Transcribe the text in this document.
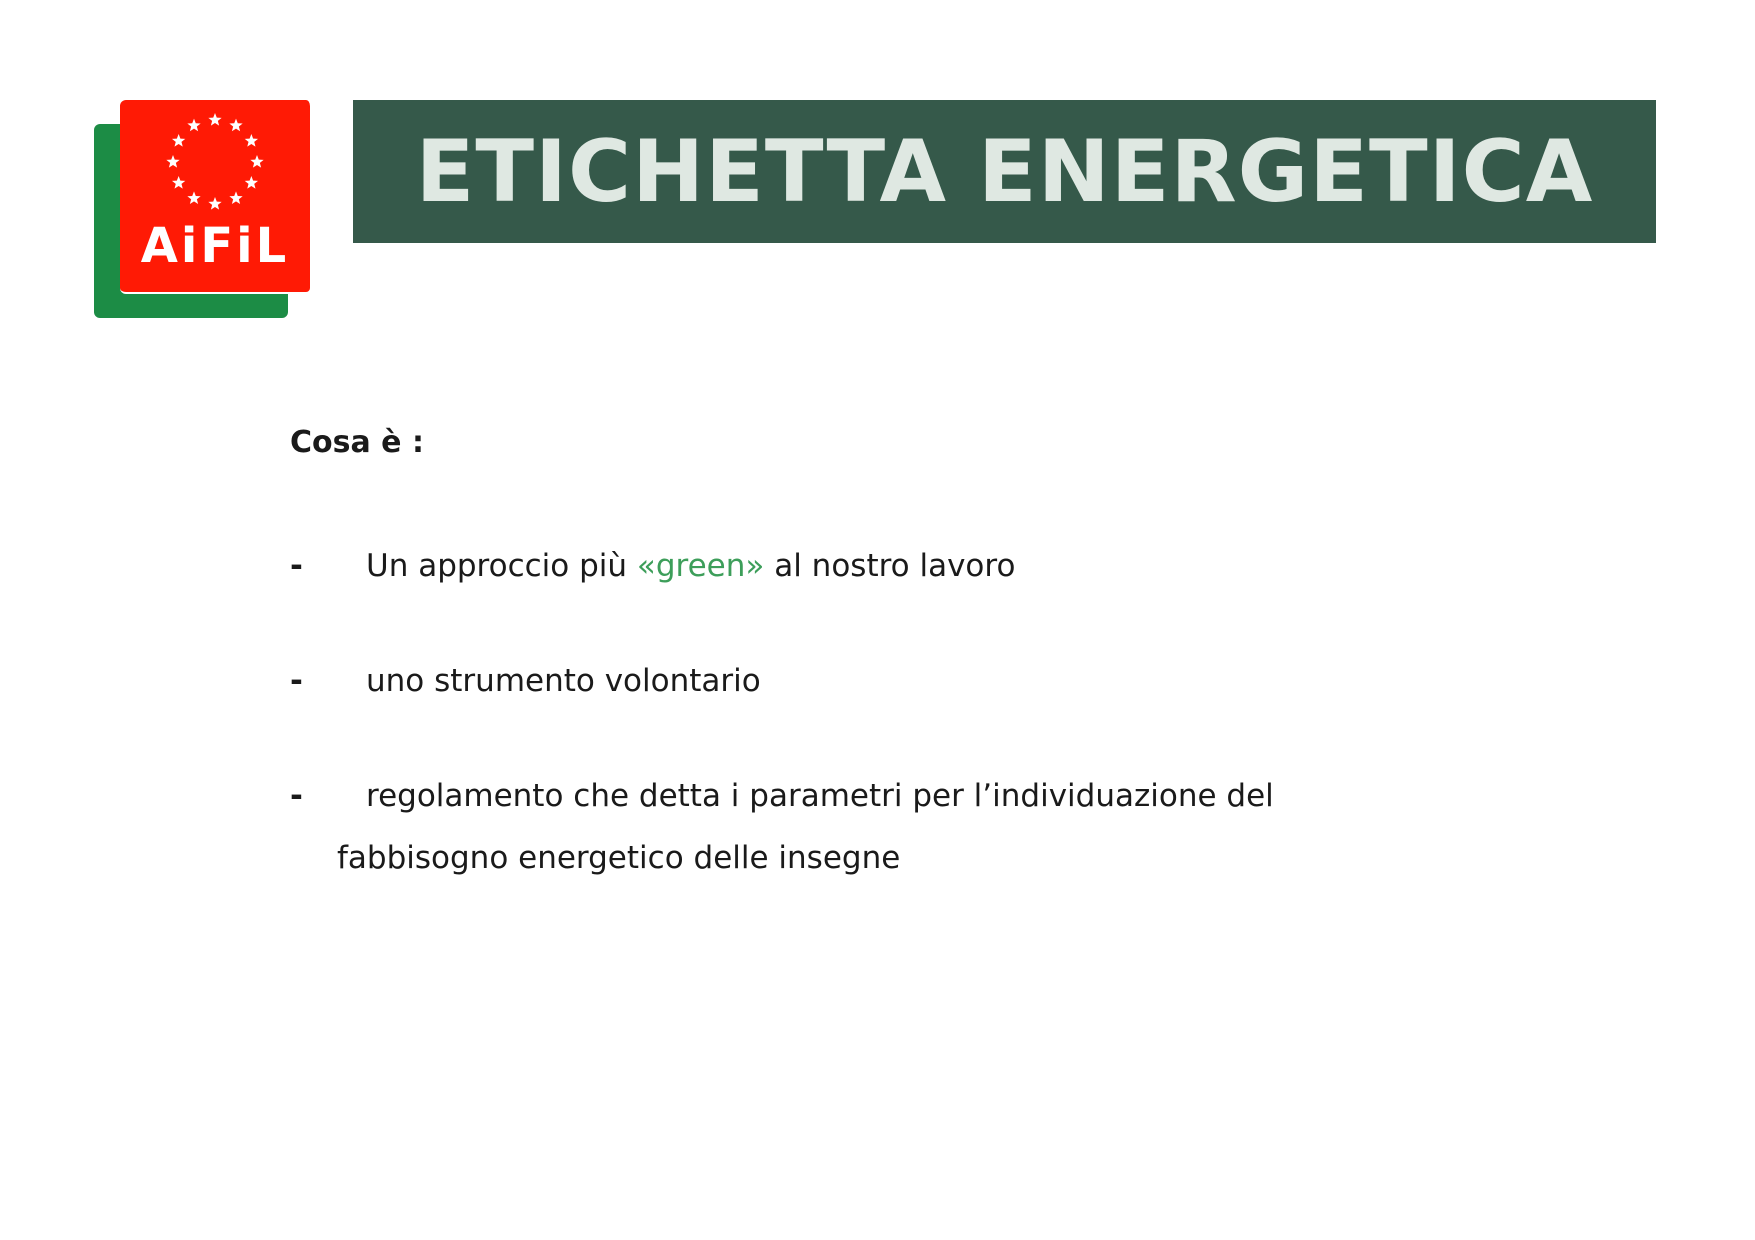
AiFiL
ETICHETTA ENERGETICA
Cosa è :
- Un approccio più «green» al nostro lavoro
- uno strumento volontario
- regolamento che detta i parametri per l’individuazione del
fabbisogno energetico delle insegne
